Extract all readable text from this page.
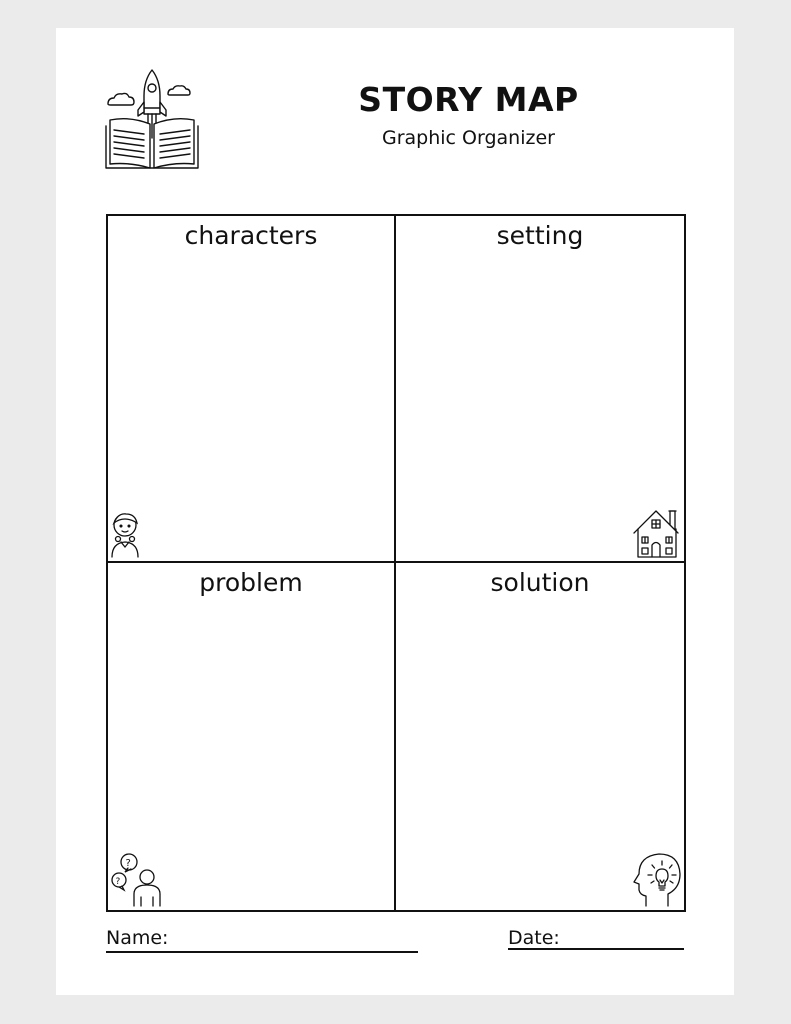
STORY MAP
Graphic Organizer
characters	setting
problem
?
?
solution
Name:	Date:
